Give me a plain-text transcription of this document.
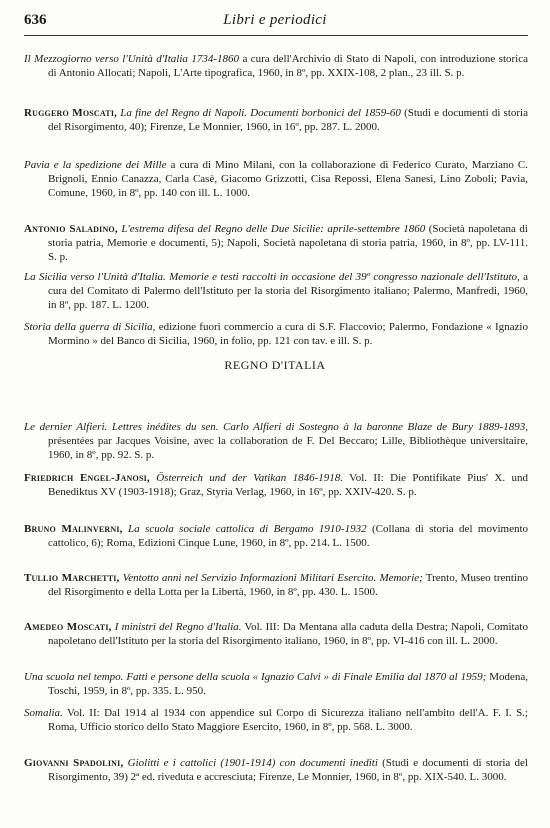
636	Libri e periodici
Il Mezzogiorno verso l'Unità d'Italia 1734-1860 a cura dell'Archivio di Stato di Napoli, con introduzione storica di Antonio Allocati; Napoli, L'Arte tipografica, 1960, in 8º, pp. XXIX-108, 2 plan., 23 ill. S. p.
Ruggero Moscati, La fine del Regno di Napoli. Documenti borbonici del 1859-60 (Studi e documenti di storia del Risorgimento, 40); Firenze, Le Monnier, 1960, in 16º, pp. 287. L. 2000.
Pavia e la spedizione dei Mille a cura di Mino Milani, con la collaborazione di Federico Curato, Marziano C. Brignoli, Ennio Canazza, Carla Casè, Giacomo Grizzotti, Cisa Repossi, Elena Sanesi, Lino Zoboli; Pavia, Comune, 1960, in 8º, pp. 140 con ill. L. 1000.
Antonio Saladino, L'estrema difesa del Regno delle Due Sicilie: aprile-settembre 1860 (Società napoletana di storia patria, Memorie e documenti, 5); Napoli, Società napoletana di storia patria, 1960, in 8º, pp. LV-111. S. p.
La Sicilia verso l'Unità d'Italia. Memorie e testi raccolti in occasione del 39º congresso nazionale dell'Istituto, a cura del Comitato di Palermo dell'Istituto per la storia del Risorgimento italiano; Palermo, Manfredi, 1960, in 8º, pp. 187. L. 1200.
Storia della guerra di Sicilia, edizione fuori commercio a cura di S.F. Flaccovio; Palermo, Fondazione « Ignazio Mormino » del Banco di Sicilia, 1960, in folio, pp. 121 con tav. e ill. S. p.
REGNO D'ITALIA
Le dernier Alfieri. Lettres inédites du sen. Carlo Alfieri di Sostegno à la baronne Blaze de Bury 1889-1893, présentées par Jacques Voisine, avec la collaboration de F. Del Beccaro; Lille, Bibliothèque universitaire, 1960, in 8º, pp. 92. S. p.
Friedrich Engel-Janosi, Österreich und der Vatikan 1846-1918. Vol. II: Die Pontifikate Pius' X. und Benediktus XV (1903-1918); Graz, Styria Verlag, 1960, in 16º, pp. XXIV-420. S. p.
Bruno Malinverni, La scuola sociale cattolica di Bergamo 1910-1932 (Collana di storia del movimento cattolico, 6); Roma, Edizioni Cinque Lune, 1960, in 8º, pp. 214. L. 1500.
Tullio Marchetti, Ventotto anni nel Servizio Informazioni Militari Esercito. Memorie; Trento, Museo trentino del Risorgimento e della Lotta per la Libertà, 1960, in 8º, pp. 430. L. 1500.
Amedeo Moscati, I ministri del Regno d'Italia. Vol. III: Da Mentana alla caduta della Destra; Napoli, Comitato napoletano dell'Istituto per la storia del Risorgimento italiano, 1960, in 8º, pp. VI-416 con ill. L. 2000.
Una scuola nel tempo. Fatti e persone della scuola « Ignazio Calvi » di Finale Emilia dal 1870 al 1959; Modena, Toschi, 1959, in 8º, pp. 335. L. 950.
Somalia. Vol. II: Dal 1914 al 1934 con appendice sul Corpo di Sicurezza italiano nell'ambito dell'A. F. I. S.; Roma, Ufficio storico dello Stato Maggiore Esercito, 1960, in 8º, pp. 568. L. 3000.
Giovanni Spadolini, Giolitti e i cattolici (1901-1914) con documenti inediti (Studi e documenti di storia del Risorgimento, 39) 2ª ed. riveduta e accresciuta; Firenze, Le Monnier, 1960, in 8º, pp. XIX-540. L. 3000.
